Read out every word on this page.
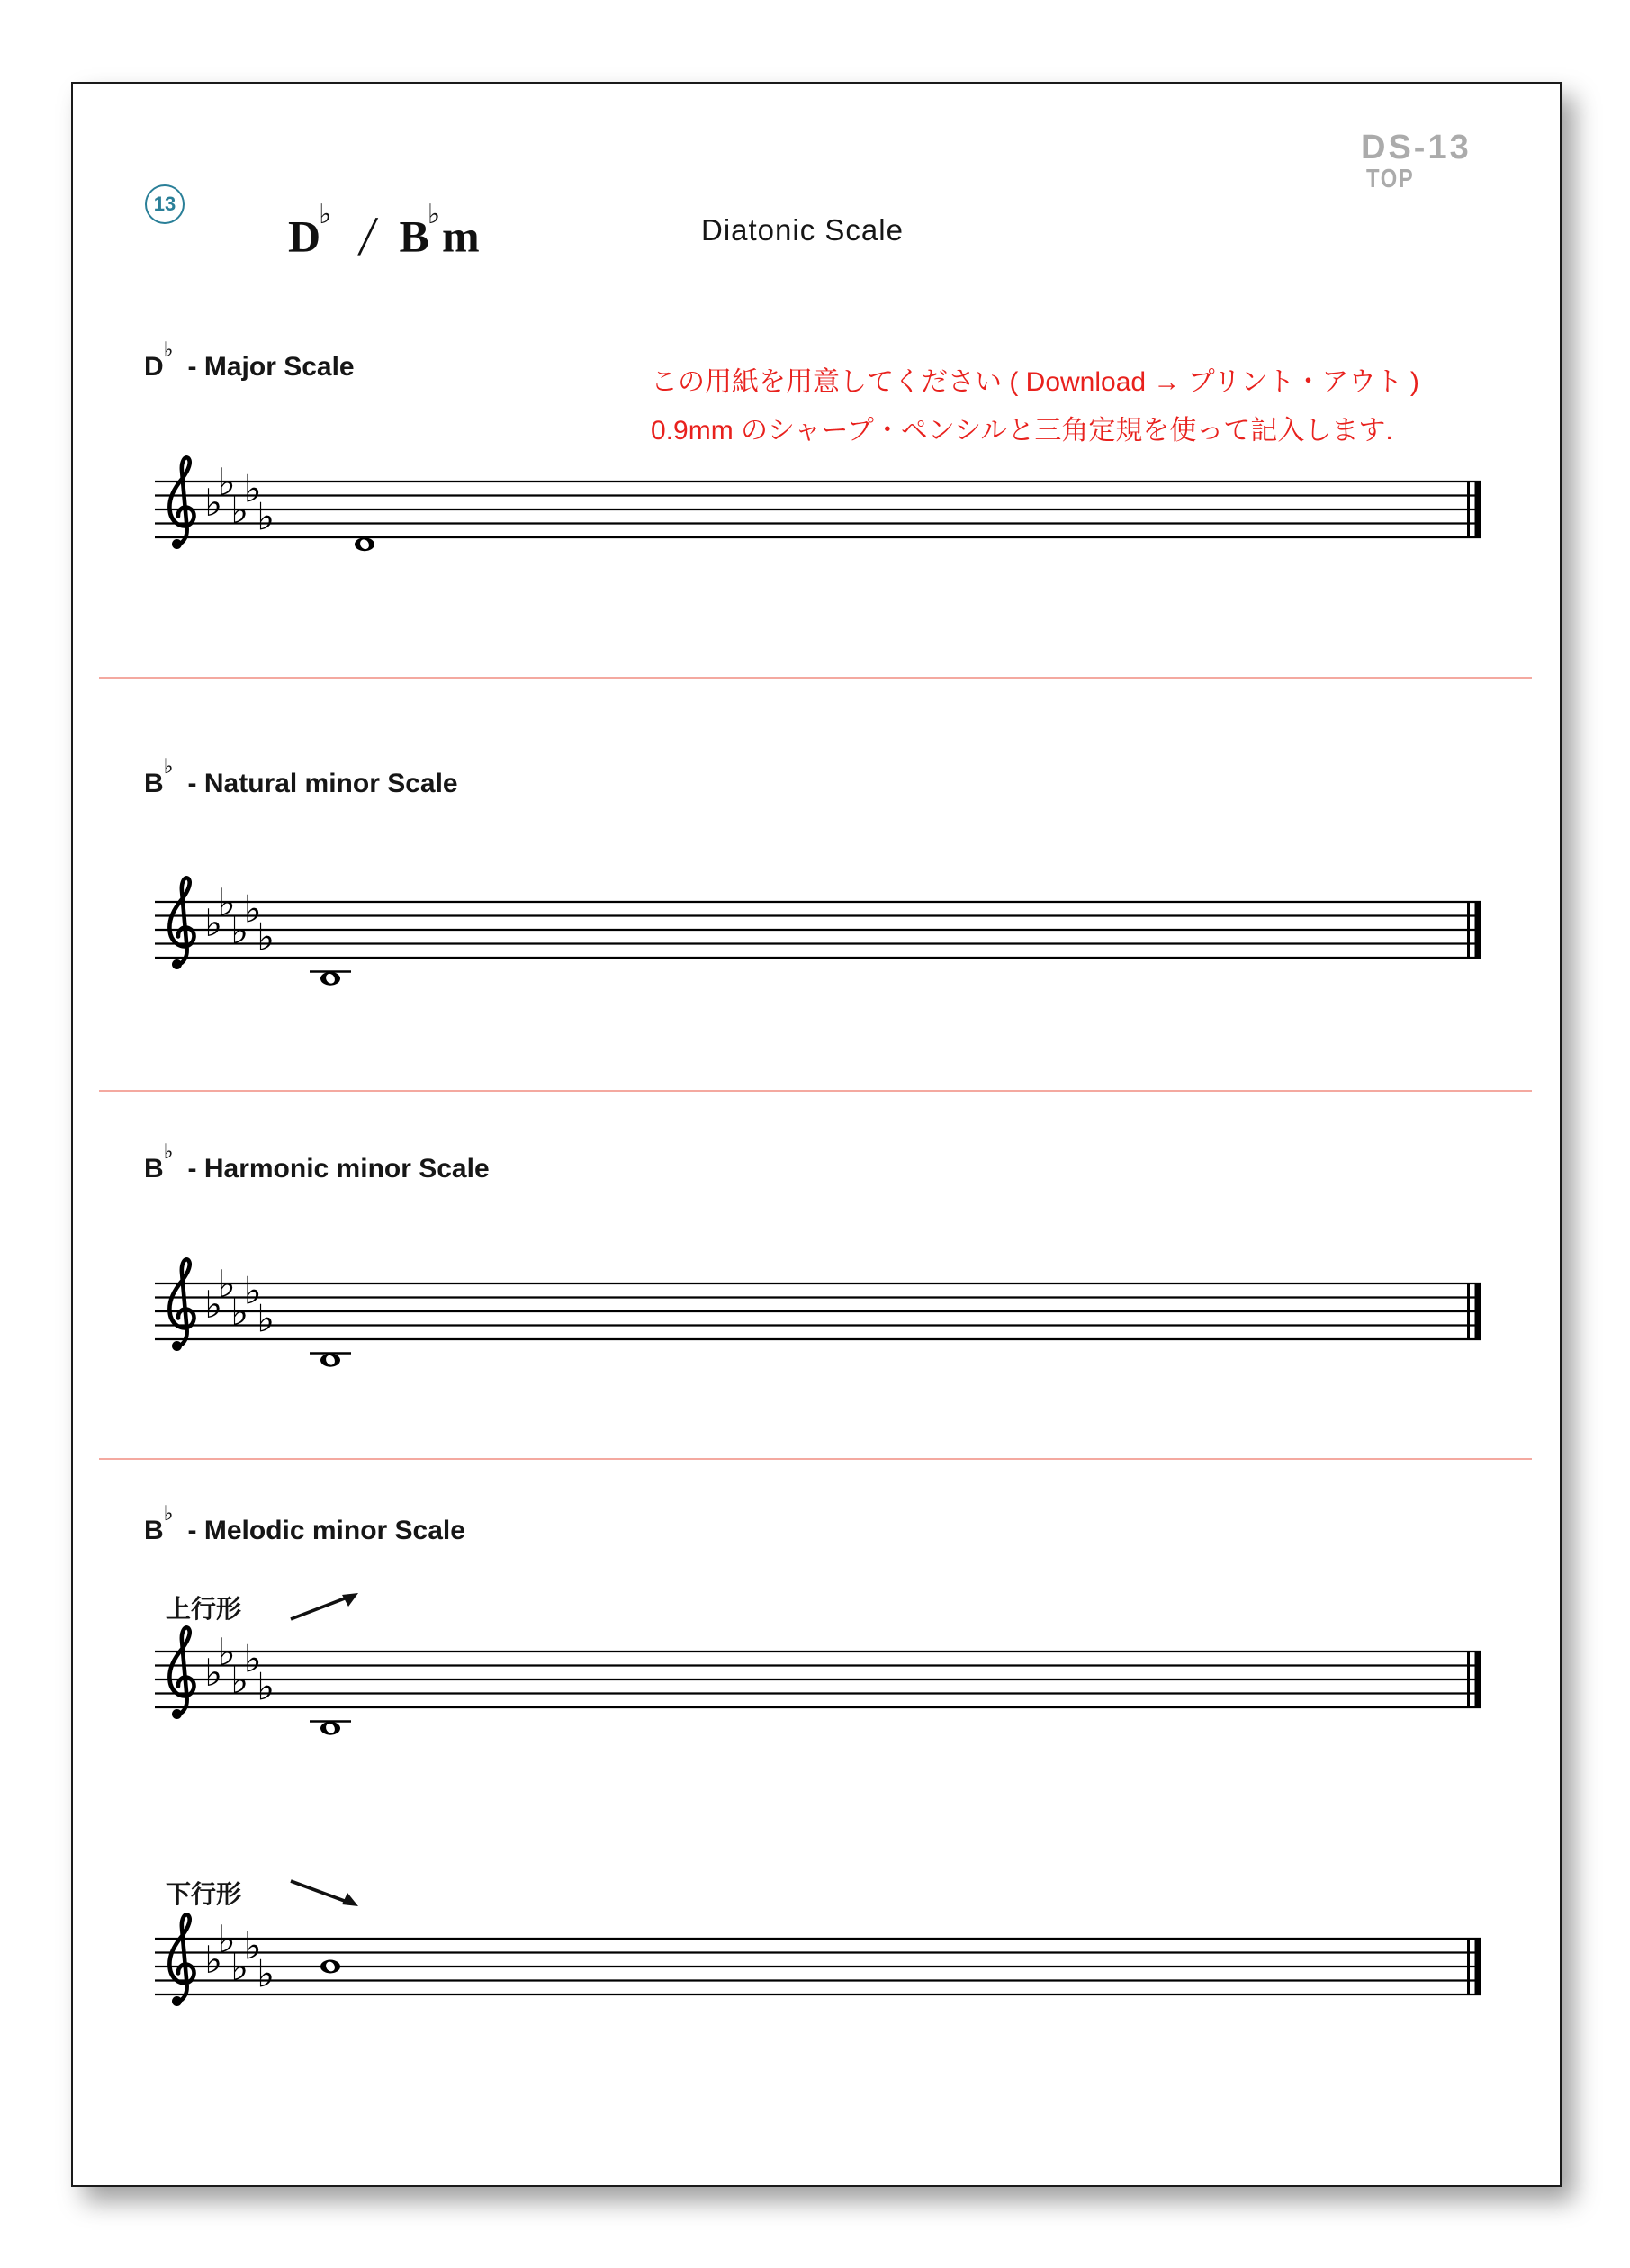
13
D♭ / B♭m	Diatonic Scale
DS-13
TOP
この用紙を用意してください ( Download → プリント・アウト )
0.9mm のシャープ・ペンシルと三角定規を使って記入します.
D♭- Major Scale
B♭- Natural minor Scale
B♭- Harmonic minor Scale
B♭- Melodic minor Scale
上行形
下行形
♭
♭
♭
♭
♭
♭
♭
♭
♭
♭
♭
♭
♭
♭
♭
♭
♭
♭
♭
♭
♭
♭
♭
♭
♭
